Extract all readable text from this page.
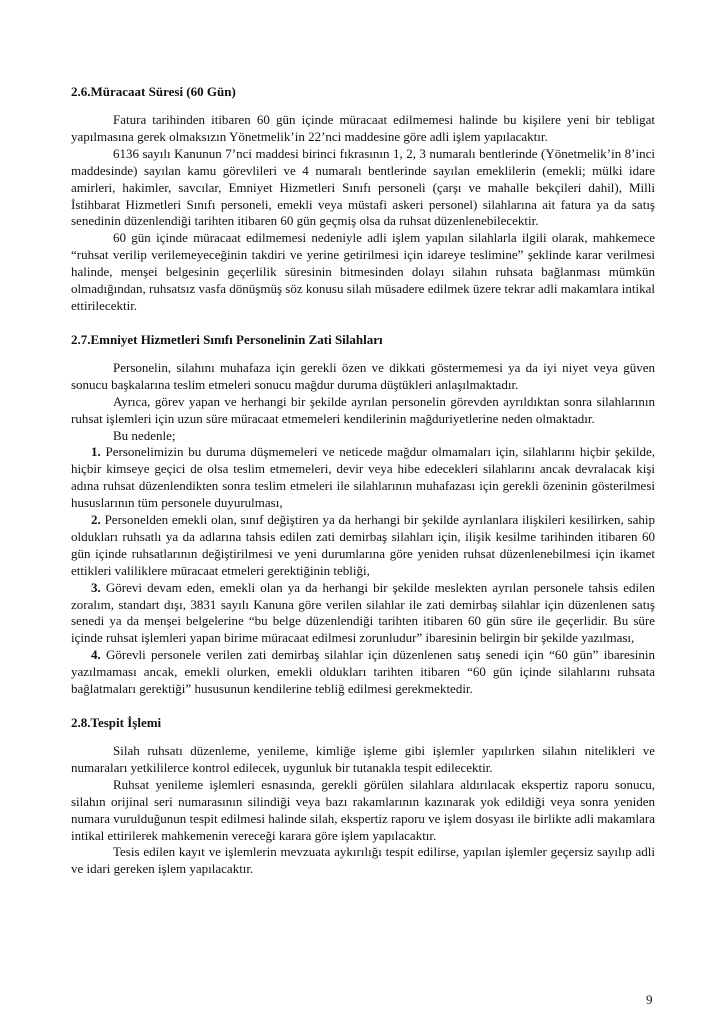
2.6.Müracaat Süresi (60 Gün)

Fatura tarihinden itibaren 60 gün içinde müracaat edilmemesi halinde bu kişilere yeni bir tebligat yapılmasına gerek olmaksızın Yönetmelik’in 22’nci maddesine göre adli işlem yapılacaktır.

6136 sayılı Kanunun 7’nci maddesi birinci fıkrasının 1, 2, 3 numaralı bentlerinde (Yönetmelik’in 8’inci maddesinde) sayılan kamu görevlileri ve 4 numaralı bentlerinde sayılan emeklilerin (emekli; mülki idare amirleri, hakimler, savcılar, Emniyet Hizmetleri Sınıfı personeli (çarşı ve mahalle bekçileri dahil), Milli İstihbarat Hizmetleri Sınıfı personeli, emekli veya müstafi askeri personel) silahlarına ait fatura ya da satış senedinin düzenlendiği tarihten itibaren 60 gün geçmiş olsa da ruhsat düzenlenebilecektir.

60 gün içinde müracaat edilmemesi nedeniyle adli işlem yapılan silahlarla ilgili olarak, mahkemece “ruhsat verilip verilemeyeceğinin takdiri ve yerine getirilmesi için idareye teslimine” şeklinde karar verilmesi halinde, menşei belgesinin geçerlilik süresinin bitmesinden dolayı silahın ruhsata bağlanması mümkün olmadığından, ruhsatsız vasfa dönüşmüş söz konusu silah müsadere edilmek üzere tekrar adli makamlara intikal ettirilecektir.

2.7.Emniyet Hizmetleri Sınıfı Personelinin Zati Silahları

Personelin, silahını muhafaza için gerekli özen ve dikkati göstermemesi ya da iyi niyet veya güven sonucu başkalarına teslim etmeleri sonucu mağdur duruma düştükleri anlaşılmaktadır.

Ayrıca, görev yapan ve herhangi bir şekilde ayrılan personelin görevden ayrıldıktan sonra silahlarının ruhsat işlemleri için uzun süre müracaat etmemeleri kendilerinin mağduriyetlerine neden olmaktadır.

Bu nedenle;

1. Personelimizin bu duruma düşmemeleri ve neticede mağdur olmamaları için, silahlarını hiçbir şekilde, hiçbir kimseye geçici de olsa teslim etmemeleri, devir veya hibe edecekleri silahlarını ancak devralacak kişi adına ruhsat düzenlendikten sonra teslim etmeleri ile silahlarının muhafazası için gerekli özeninin gösterilmesi hususlarının tüm personele duyurulması,

2. Personelden emekli olan, sınıf değiştiren ya da herhangi bir şekilde ayrılanlara ilişkileri kesilirken, sahip oldukları ruhsatlı ya da adlarına tahsis edilen zati demirbaş silahları için, ilişik kesilme tarihinden itibaren 60 gün içinde ruhsatlarının değiştirilmesi ve yeni durumlarına göre yeniden ruhsat düzenlenebilmesi için ikamet ettikleri valiliklere müracaat etmeleri gerektiğinin tebliği,

3. Görevi devam eden, emekli olan ya da herhangi bir şekilde meslekten ayrılan personele tahsis edilen zoralım, standart dışı, 3831 sayılı Kanuna göre verilen silahlar ile zati demirbaş silahlar için düzenlenen satış senedi ya da menşei belgelerine “bu belge düzenlendiği tarihten itibaren 60 gün süre ile geçerlidir. Bu süre içinde ruhsat işlemleri yapan birime müracaat edilmesi zorunludur” ibaresinin belirgin bir şekilde yazılması,

4. Görevli personele verilen zati demirbaş silahlar için düzenlenen satış senedi için “60 gün” ibaresinin yazılmaması ancak, emekli olurken, emekli oldukları tarihten itibaren “60 gün içinde silahlarını ruhsata bağlatmaları gerektiği” hususunun kendilerine tebliğ edilmesi gerekmektedir.

2.8.Tespit İşlemi

Silah ruhsatı düzenleme, yenileme, kimliğe işleme gibi işlemler yapılırken silahın nitelikleri ve numaraları yetkililerce kontrol edilecek, uygunluk bir tutanakla tespit edilecektir.

Ruhsat yenileme işlemleri esnasında, gerekli görülen silahlara aldırılacak ekspertiz raporu sonucu, silahın orijinal seri numarasının silindiği veya bazı rakamlarının kazınarak yok edildiği veya sonra yeniden numara vurulduğunun tespit edilmesi halinde silah, ekspertiz raporu ve işlem dosyası ile birlikte adli makamlara intikal ettirilerek mahkemenin vereceği karara göre işlem yapılacaktır.

Tesis edilen kayıt ve işlemlerin mevzuata aykırılığı tespit edilirse, yapılan işlemler geçersiz sayılıp adli ve idari gereken işlem yapılacaktır.

9
